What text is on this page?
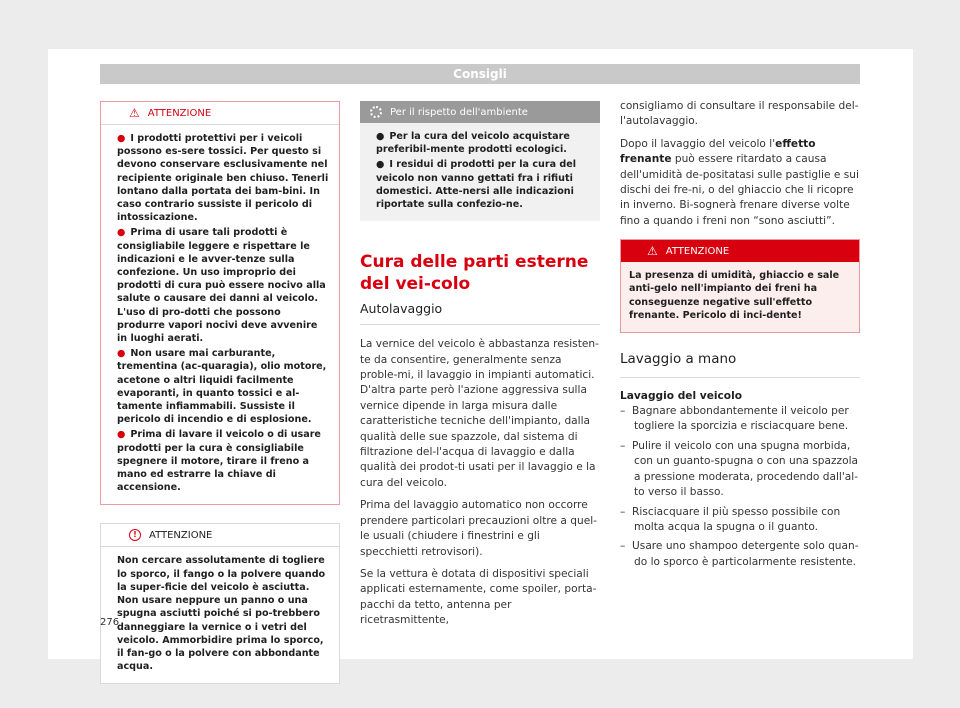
Consigli
⚠ ATTENZIONE

● I prodotti protettivi per i veicoli possono es-sere tossici. Per questo si devono conservare esclusivamente nel recipiente originale ben chiuso. Tenerli lontano dalla portata dei bam-bini. In caso contrario sussiste il pericolo di intossicazione.

● Prima di usare tali prodotti è consigliabile leggere e rispettare le indicazioni e le avver-tenze sulla confezione. Un uso improprio dei prodotti di cura può essere nocivo alla salute o causare dei danni al veicolo. L'uso di pro-dotti che possono produrre vapori nocivi deve avvenire in luoghi aerati.

● Non usare mai carburante, trementina (ac-quaragia), olio motore, acetone o altri liquidi facilmente evaporanti, in quanto tossici e al-tamente infiammabili. Sussiste il pericolo di incendio e di esplosione.

● Prima di lavare il veicolo o di usare prodotti per la cura è consigliabile spegnere il motore, tirare il freno a mano ed estrarre la chiave di accensione.

!	ATTENZIONE

Non cercare assolutamente di togliere lo sporco, il fango o la polvere quando la super-ficie del veicolo è asciutta. Non usare neppure un panno o una spugna asciutti poiché si po-trebbero danneggiare la vernice o i vetri del veicolo. Ammorbidire prima lo sporco, il fan-go o la polvere con abbondante acqua.

Per il rispetto dell'ambiente

● Per la cura del veicolo acquistare preferibil-mente prodotti ecologici.

● I residui di prodotti per la cura del veicolo non vanno gettati fra i rifiuti domestici. Atte-nersi alle indicazioni riportate sulla confezio-ne.

Cura delle parti esterne del vei-colo
Autolavaggio

La vernice del veicolo è abbastanza resisten-te da consentire, generalmente senza proble-mi, il lavaggio in impianti automatici. D'altra parte però l'azione aggressiva sulla vernice dipende in larga misura dalle caratteristiche tecniche dell'impianto, dalla qualità delle sue spazzole, dal sistema di filtrazione del-l'acqua di lavaggio e dalla qualità dei prodot-ti usati per il lavaggio e la cura del veicolo.

Prima del lavaggio automatico non occorre prendere particolari precauzioni oltre a quel-le usuali (chiudere i finestrini e gli specchietti retrovisori).

Se la vettura è dotata di dispositivi speciali applicati esternamente, come spoiler, porta-pacchi da tetto, antenna per ricetrasmittente,

consigliamo di consultare il responsabile del-l'autolavaggio.

Dopo il lavaggio del veicolo l'effetto frenante può essere ritardato a causa dell'umidità de-positatasi sulle pastiglie e sui dischi dei fre-ni, o del ghiaccio che li ricopre in inverno. Bi-sognerà frenare diverse volte fino a quando i freni non “sono asciutti”.

⚠ ATTENZIONE

La presenza di umidità, ghiaccio e sale anti-gelo nell'impianto dei freni ha conseguenze negative sull'effetto frenante. Pericolo di inci-dente!

Lavaggio a mano
Lavaggio del veicolo
–  Bagnare abbondantemente il veicolo per togliere la sporcizia e risciacquare bene.
–  Pulire il veicolo con una spugna morbida, con un guanto-spugna o con una spazzola a pressione moderata, procedendo dall'al-to verso il basso.
–  Risciacquare il più spesso possibile con molta acqua la spugna o il guanto.
–  Usare uno shampoo detergente solo quan-do lo sporco è particolarmente resistente.
276
